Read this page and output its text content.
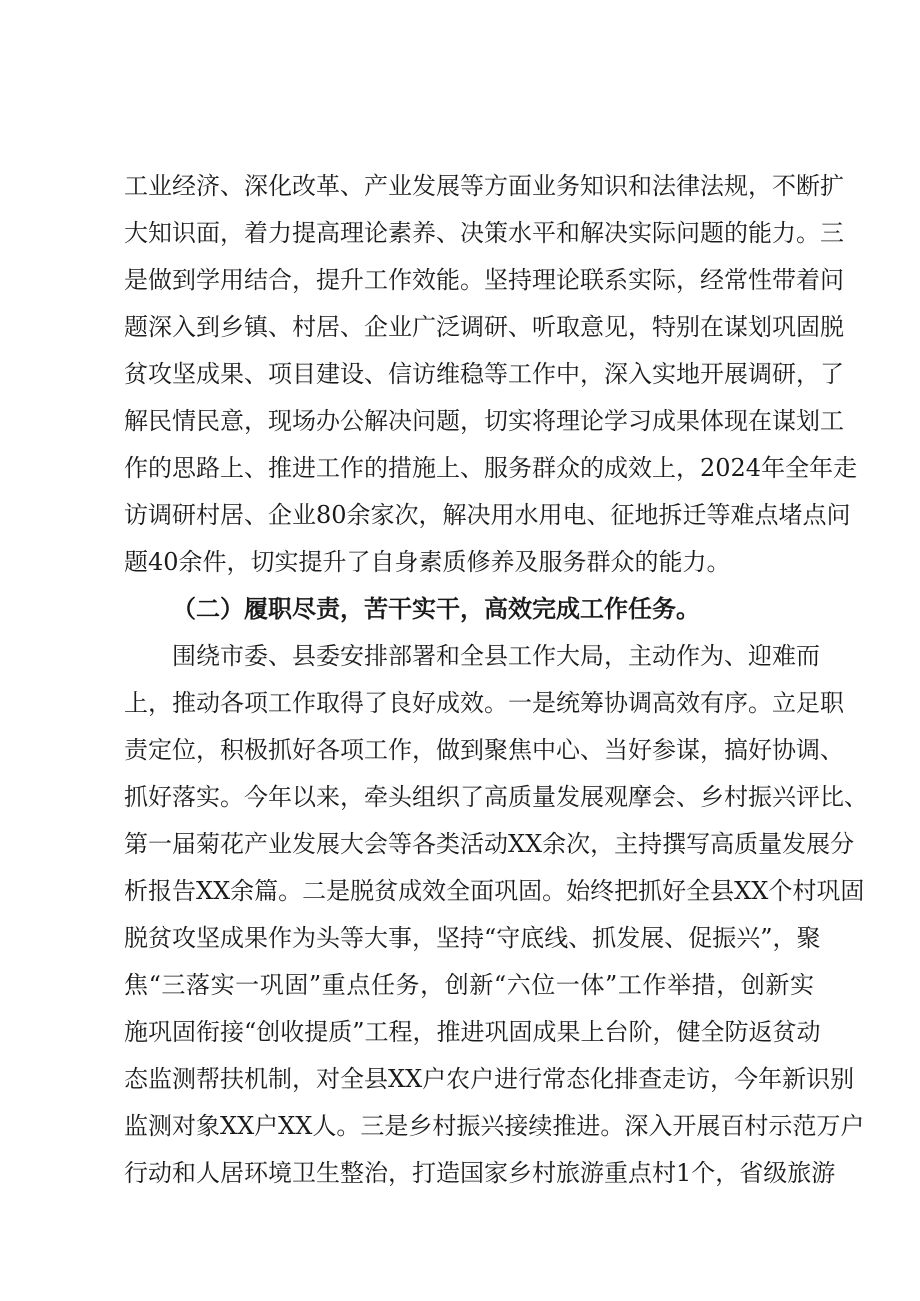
工业经济、深化改革、产业发展等方面业务知识和法律法规，不断扩
大知识面，着力提高理论素养、决策水平和解决实际问题的能力。三
是做到学用结合，提升工作效能。坚持理论联系实际，经常性带着问
题深入到乡镇、村居、企业广泛调研、听取意见，特别在谋划巩固脱
贫攻坚成果、项目建设、信访维稳等工作中，深入实地开展调研，了
解民情民意，现场办公解决问题，切实将理论学习成果体现在谋划工
作的思路上、推进工作的措施上、服务群众的成效上，2024年全年走
访调研村居、企业80余家次，解决用水用电、征地拆迁等难点堵点问
题40余件，切实提升了自身素质修养及服务群众的能力。
（二）履职尽责，苦干实干，高效完成工作任务。
围绕市委、县委安排部署和全县工作大局，主动作为、迎难而
上，推动各项工作取得了良好成效。一是统筹协调高效有序。立足职
责定位，积极抓好各项工作，做到聚焦中心、当好参谋，搞好协调、
抓好落实。今年以来，牵头组织了高质量发展观摩会、乡村振兴评比、
第一届菊花产业发展大会等各类活动XX余次，主持撰写高质量发展分
析报告XX余篇。二是脱贫成效全面巩固。始终把抓好全县XX个村巩固
脱贫攻坚成果作为头等大事，坚持“守底线、抓发展、促振兴”，聚
焦“三落实一巩固”重点任务，创新“六位一体”工作举措，创新实
施巩固衔接“创收提质”工程，推进巩固成果上台阶，健全防返贫动
态监测帮扶机制，对全县XX户农户进行常态化排查走访，今年新识别
监测对象XX户XX人。三是乡村振兴接续推进。深入开展百村示范万户
行动和人居环境卫生整治，打造国家乡村旅游重点村1个，省级旅游
